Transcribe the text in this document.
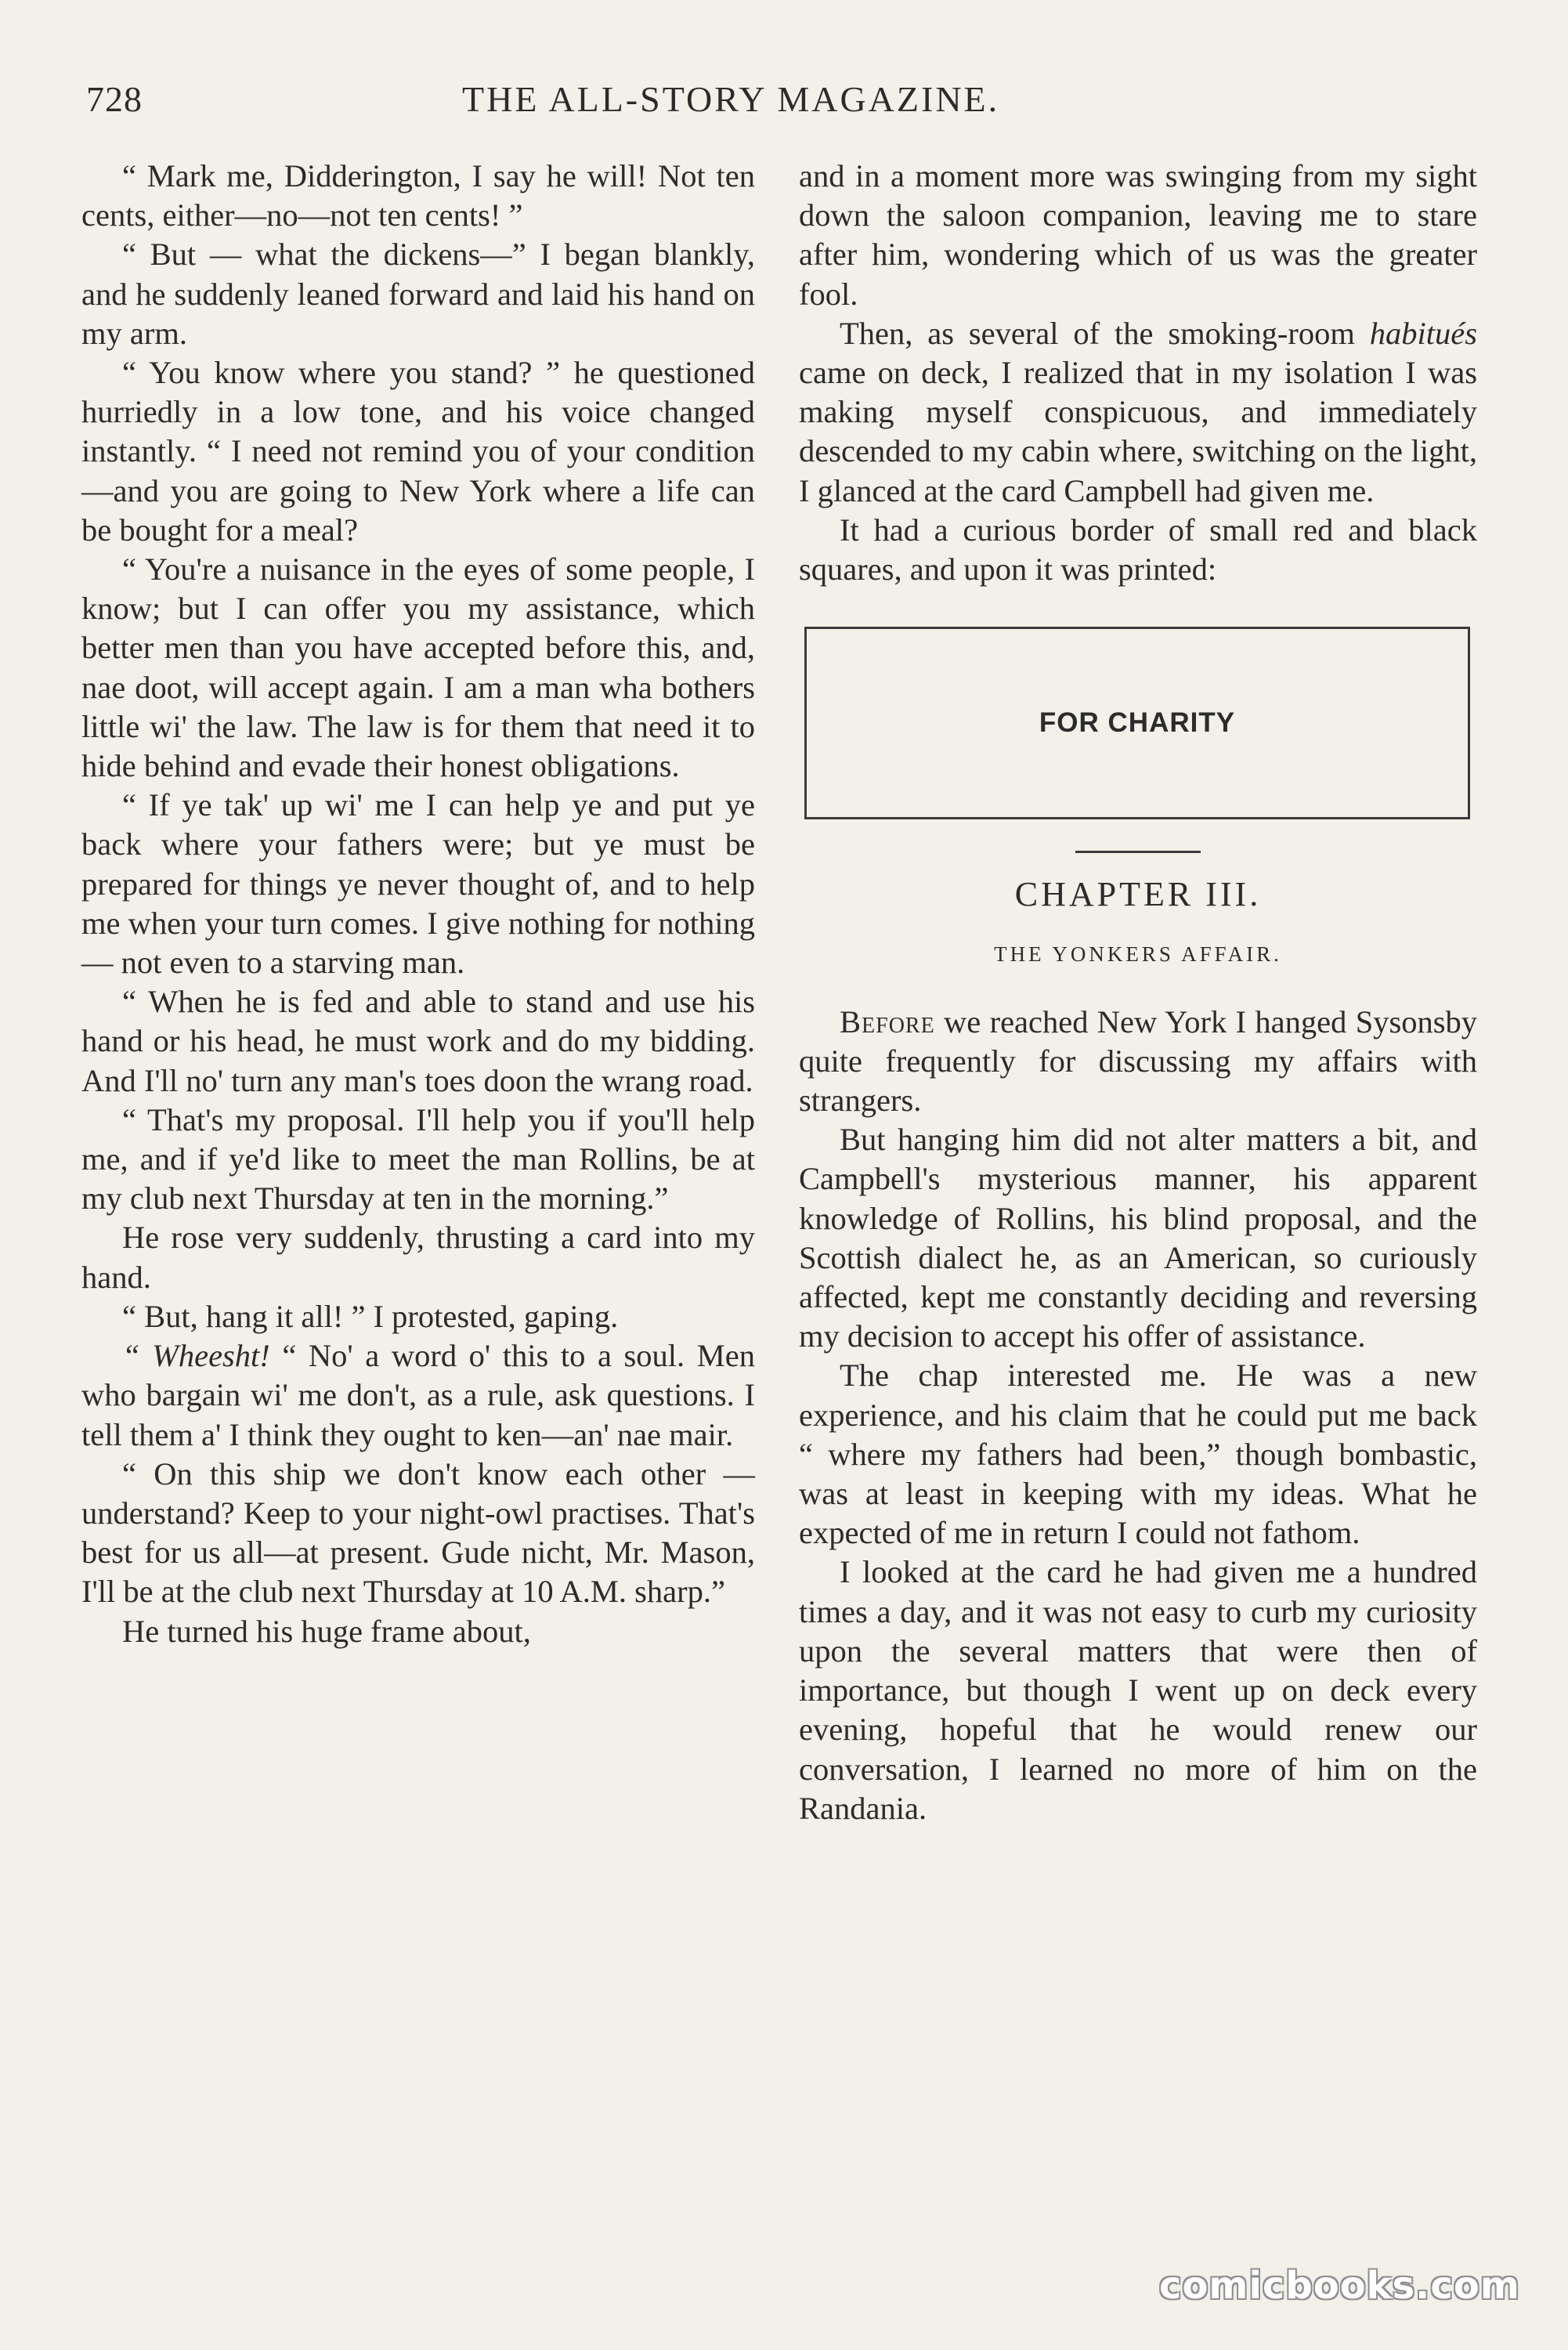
728	THE ALL-STORY MAGAZINE.

“ Mark me, Didderington, I say he will! Not ten cents, either—no—not ten cents! ”

“ But — what the dickens—” I began blankly, and he suddenly leaned forward and laid his hand on my arm.

“ You know where you stand? ” he questioned hurriedly in a low tone, and his voice changed instantly. “ I need not remind you of your condition—and you are going to New York where a life can be bought for a meal?

“ You're a nuisance in the eyes of some people, I know; but I can offer you my assistance, which better men than you have accepted before this, and, nae doot, will accept again. I am a man wha bothers little wi' the law. The law is for them that need it to hide behind and evade their honest obligations.

“ If ye tak' up wi' me I can help ye and put ye back where your fathers were; but ye must be prepared for things ye never thought of, and to help me when your turn comes. I give nothing for nothing — not even to a starving man.

“ When he is fed and able to stand and use his hand or his head, he must work and do my bidding. And I'll no' turn any man's toes doon the wrang road.

“ That's my proposal. I'll help you if you'll help me, and if ye'd like to meet the man Rollins, be at my club next Thursday at ten in the morning.”

He rose very suddenly, thrusting a card into my hand.

“ But, hang it all! ” I protested, gaping.

“ Wheesht! “ No' a word o' this to a soul. Men who bargain wi' me don't, as a rule, ask questions. I tell them a' I think they ought to ken—an' nae mair.

“ On this ship we don't know each other — understand? Keep to your night-owl practises. That's best for us all—at present. Gude nicht, Mr. Mason, I'll be at the club next Thursday at 10 A.M. sharp.”

He turned his huge frame about,

and in a moment more was swinging from my sight down the saloon companion, leaving me to stare after him, wondering which of us was the greater fool.

Then, as several of the smoking-room habitués came on deck, I realized that in my isolation I was making myself conspicuous, and immediately descended to my cabin where, switching on the light, I glanced at the card Campbell had given me.

It had a curious border of small red and black squares, and upon it was printed:

FOR CHARITY
CHAPTER III.
THE YONKERS AFFAIR.

Before we reached New York I hanged Sysonsby quite frequently for discussing my affairs with strangers.

But hanging him did not alter matters a bit, and Campbell's mysterious manner, his apparent knowledge of Rollins, his blind proposal, and the Scottish dialect he, as an American, so curiously affected, kept me constantly deciding and reversing my decision to accept his offer of assistance.

The chap interested me. He was a new experience, and his claim that he could put me back “ where my fathers had been,” though bombastic, was at least in keeping with my ideas. What he expected of me in return I could not fathom.

I looked at the card he had given me a hundred times a day, and it was not easy to curb my curiosity upon the several matters that were then of importance, but though I went up on deck every evening, hopeful that he would renew our conversation, I learned no more of him on the Randania.

comicbooks.com
